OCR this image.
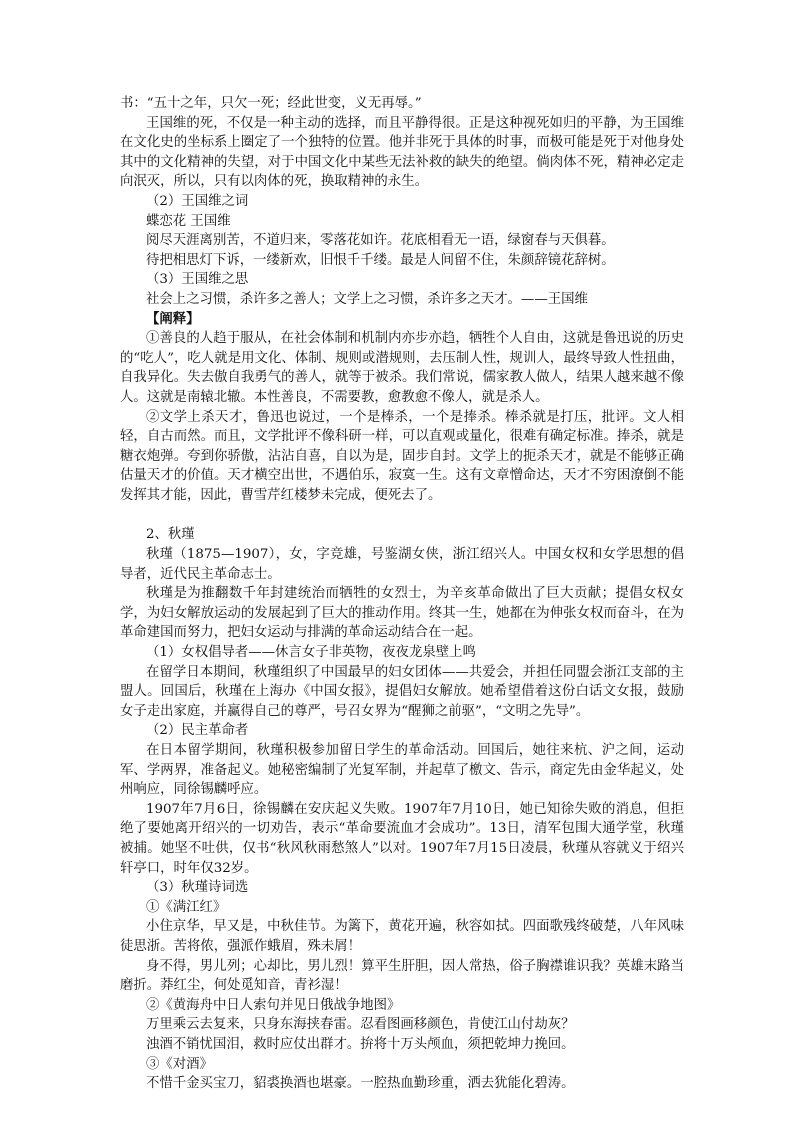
书：“五十之年，只欠一死；经此世变，义无再辱。”

王国维的死，不仅是一种主动的选择，而且平静得很。正是这种视死如归的平静，为王国维在文化史的坐标系上圈定了一个独特的位置。他并非死于具体的时事，而极可能是死于对他身处其中的文化精神的失望，对于中国文化中某些无法补救的缺失的绝望。倘肉体不死，精神必定走向泯灭，所以，只有以肉体的死，换取精神的永生。

（2）王国维之词

蝶恋花 王国维

阅尽天涯离别苦，不道归来，零落花如许。花底相看无一语，绿窗春与天俱暮。

待把相思灯下诉，一缕新欢，旧恨千千缕。最是人间留不住，朱颜辞镜花辞树。

（3）王国维之思

社会上之习惯，杀许多之善人；文学上之习惯，杀许多之天才。——王国维

【阐释】

①善良的人趋于服从，在社会体制和机制内亦步亦趋，牺牲个人自由，这就是鲁迅说的历史的“吃人”，吃人就是用文化、体制、规则或潜规则，去压制人性，规训人，最终导致人性扭曲，自我异化。失去傲自我勇气的善人，就等于被杀。我们常说，儒家教人做人，结果人越来越不像人。这就是南辕北辙。本性善良，不需要教，愈教愈不像人，就是杀人。

②文学上杀天才，鲁迅也说过，一个是棒杀，一个是捧杀。棒杀就是打压，批评。文人相轻，自古而然。而且，文学批评不像科研一样，可以直观或量化，很难有确定标准。捧杀，就是糖衣炮弹。夸到你骄傲，沾沾自喜，自以为是，固步自封。文学上的扼杀天才，就是不能够正确估量天才的价值。天才横空出世，不遇伯乐，寂寞一生。这有文章憎命达，天才不穷困潦倒不能发挥其才能，因此，曹雪芹红楼梦未完成，便死去了。

2、秋瑾

秋瑾（1875—1907），女，字竞雄，号鉴湖女侠，浙江绍兴人。中国女权和女学思想的倡导者，近代民主革命志士。

秋瑾是为推翻数千年封建统治而牺牲的女烈士，为辛亥革命做出了巨大贡献；提倡女权女学，为妇女解放运动的发展起到了巨大的推动作用。终其一生，她都在为伸张女权而奋斗，在为革命建国而努力，把妇女运动与排满的革命运动结合在一起。

（1）女权倡导者——休言女子非英物，夜夜龙泉壁上鸣

在留学日本期间，秋瑾组织了中国最早的妇女团体——共爱会，并担任同盟会浙江支部的主盟人。回国后，秋瑾在上海办《中国女报》，提倡妇女解放。她希望借着这份白话文女报，鼓励女子走出家庭，并赢得自己的尊严，号召女界为“醒狮之前驱”，“文明之先导”。

（2）民主革命者

在日本留学期间，秋瑾积极参加留日学生的革命活动。回国后，她往来杭、沪之间，运动军、学两界，准备起义。她秘密编制了光复军制，并起草了檄文、告示，商定先由金华起义，处州响应，同徐锡麟呼应。

1907年7月6日，徐锡麟在安庆起义失败。1907年7月10日，她已知徐失败的消息，但拒绝了要她离开绍兴的一切劝告，表示“革命要流血才会成功”。13日，清军包围大通学堂，秋瑾被捕。她坚不吐供，仅书“秋风秋雨愁煞人”以对。1907年7月15日凌晨，秋瑾从容就义于绍兴轩亭口，时年仅32岁。

（3）秋瑾诗词选

①《满江红》

小住京华，早又是，中秋佳节。为篱下，黄花开遍，秋容如拭。四面歌残终破楚，八年风味徒思浙。苦将侬，强派作蛾眉，殊未屑！

身不得，男儿列；心却比，男儿烈！算平生肝胆，因人常热，俗子胸襟谁识我？英雄末路当磨折。莽红尘，何处觅知音，青衫湿！

②《黄海舟中日人索句并见日俄战争地图》

万里乘云去复来，只身东海挟春雷。忍看图画移颜色，肯使江山付劫灰？

浊酒不销忧国泪，救时应仗出群才。拚将十万头颅血，须把乾坤力挽回。

③《对酒》

不惜千金买宝刀，貂裘换酒也堪豪。一腔热血勤珍重，洒去犹能化碧涛。
